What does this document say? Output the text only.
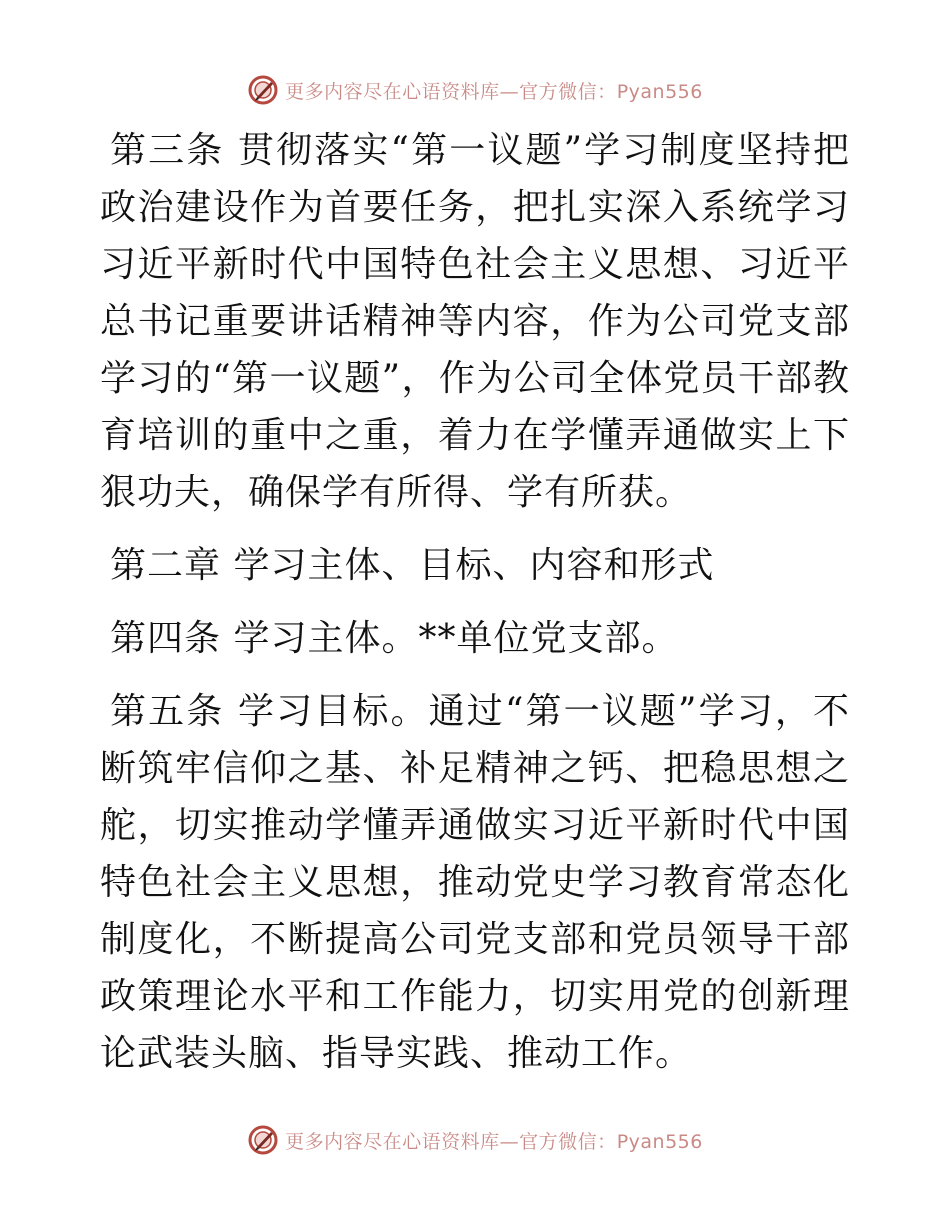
更多内容尽在心语资料库—官方微信：Pyan556

第三条 贯彻落实“第一议题”学习制度坚持把政治建设作为首要任务，把扎实深入系统学习习近平新时代中国特色社会主义思想、习近平总书记重要讲话精神等内容，作为公司党支部学习的“第一议题”，作为公司全体党员干部教育培训的重中之重，着力在学懂弄通做实上下狠功夫，确保学有所得、学有所获。

第二章 学习主体、目标、内容和形式

第四条 学习主体。**单位党支部。

第五条 学习目标。通过“第一议题”学习，不断筑牢信仰之基、补足精神之钙、把稳思想之舵，切实推动学懂弄通做实习近平新时代中国特色社会主义思想，推动党史学习教育常态化制度化，不断提高公司党支部和党员领导干部政策理论水平和工作能力，切实用党的创新理论武装头脑、指导实践、推动工作。

更多内容尽在心语资料库—官方微信：Pyan556
